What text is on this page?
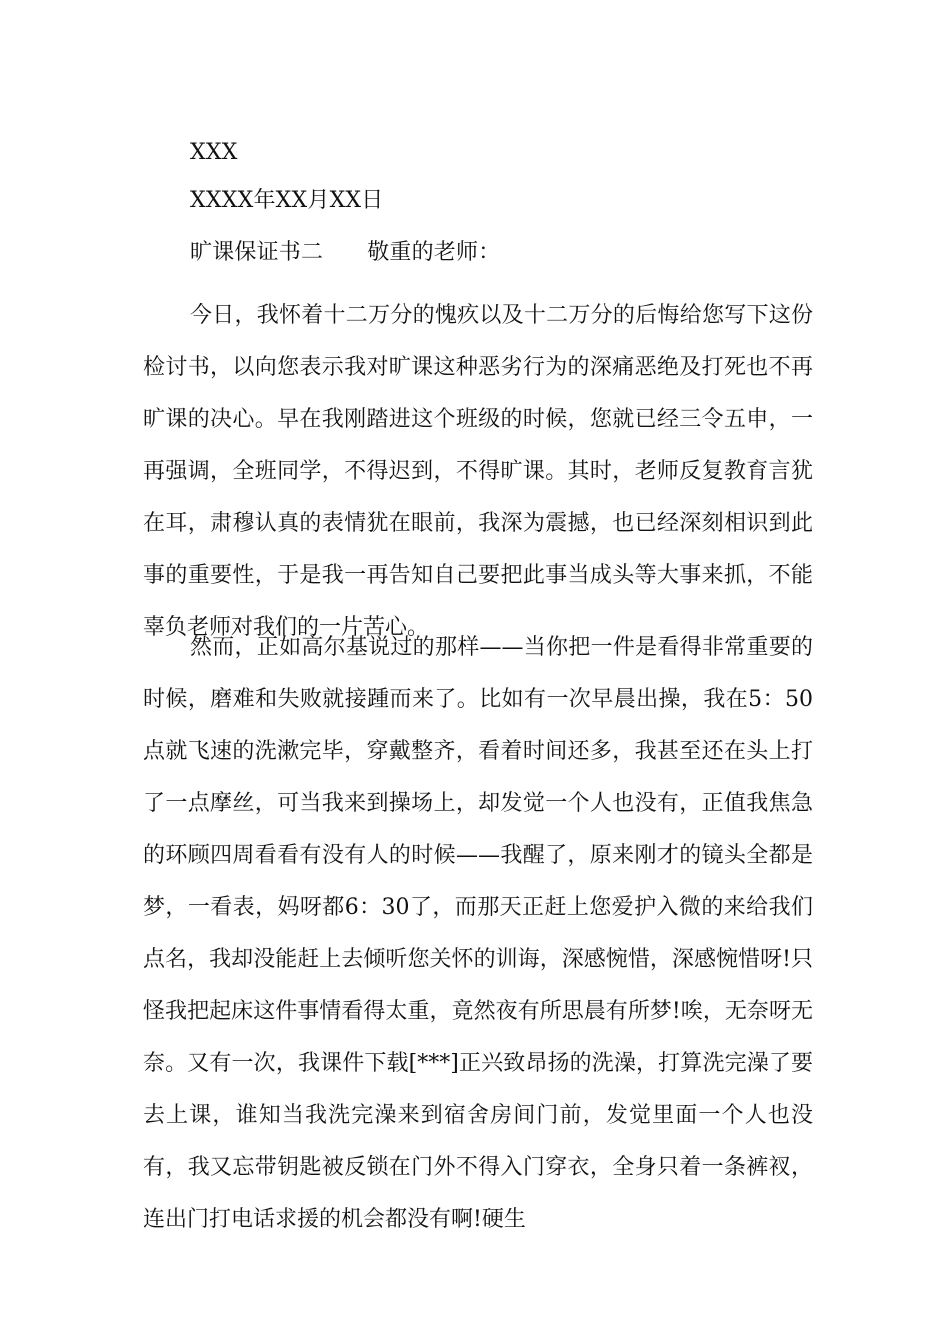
XXX
XXXX年XX月XX日
旷课保证书二 敬重的老师：
今日，我怀着十二万分的愧疚以及十二万分的后悔给您写下这份检讨书，以向您表示我对旷课这种恶劣行为的深痛恶绝及打死也不再旷课的决心。早在我刚踏进这个班级的时候，您就已经三令五申，一再强调，全班同学，不得迟到，不得旷课。其时，老师反复教育言犹在耳，肃穆认真的表情犹在眼前，我深为震撼，也已经深刻相识到此事的重要性，于是我一再告知自己要把此事当成头等大事来抓，不能辜负老师对我们的一片苦心。
然而，正如高尔基说过的那样——当你把一件是看得非常重要的时候，磨难和失败就接踵而来了。比如有一次早晨出操，我在5：50点就飞速的洗漱完毕，穿戴整齐，看着时间还多，我甚至还在头上打了一点摩丝，可当我来到操场上，却发觉一个人也没有，正值我焦急的环顾四周看看有没有人的时候——我醒了，原来刚才的镜头全都是梦，一看表，妈呀都6：30了，而那天正赶上您爱护入微的来给我们点名，我却没能赶上去倾听您关怀的训诲，深感惋惜，深感惋惜呀!只怪我把起床这件事情看得太重，竟然夜有所思晨有所梦!唉，无奈呀无奈。又有一次，我课件下载[***]正兴致昂扬的洗澡，打算洗完澡了要去上课，谁知当我洗完澡来到宿舍房间门前，发觉里面一个人也没有，我又忘带钥匙被反锁在门外不得入门穿衣，全身只着一条裤衩，连出门打电话求援的机会都没有啊!硬生
